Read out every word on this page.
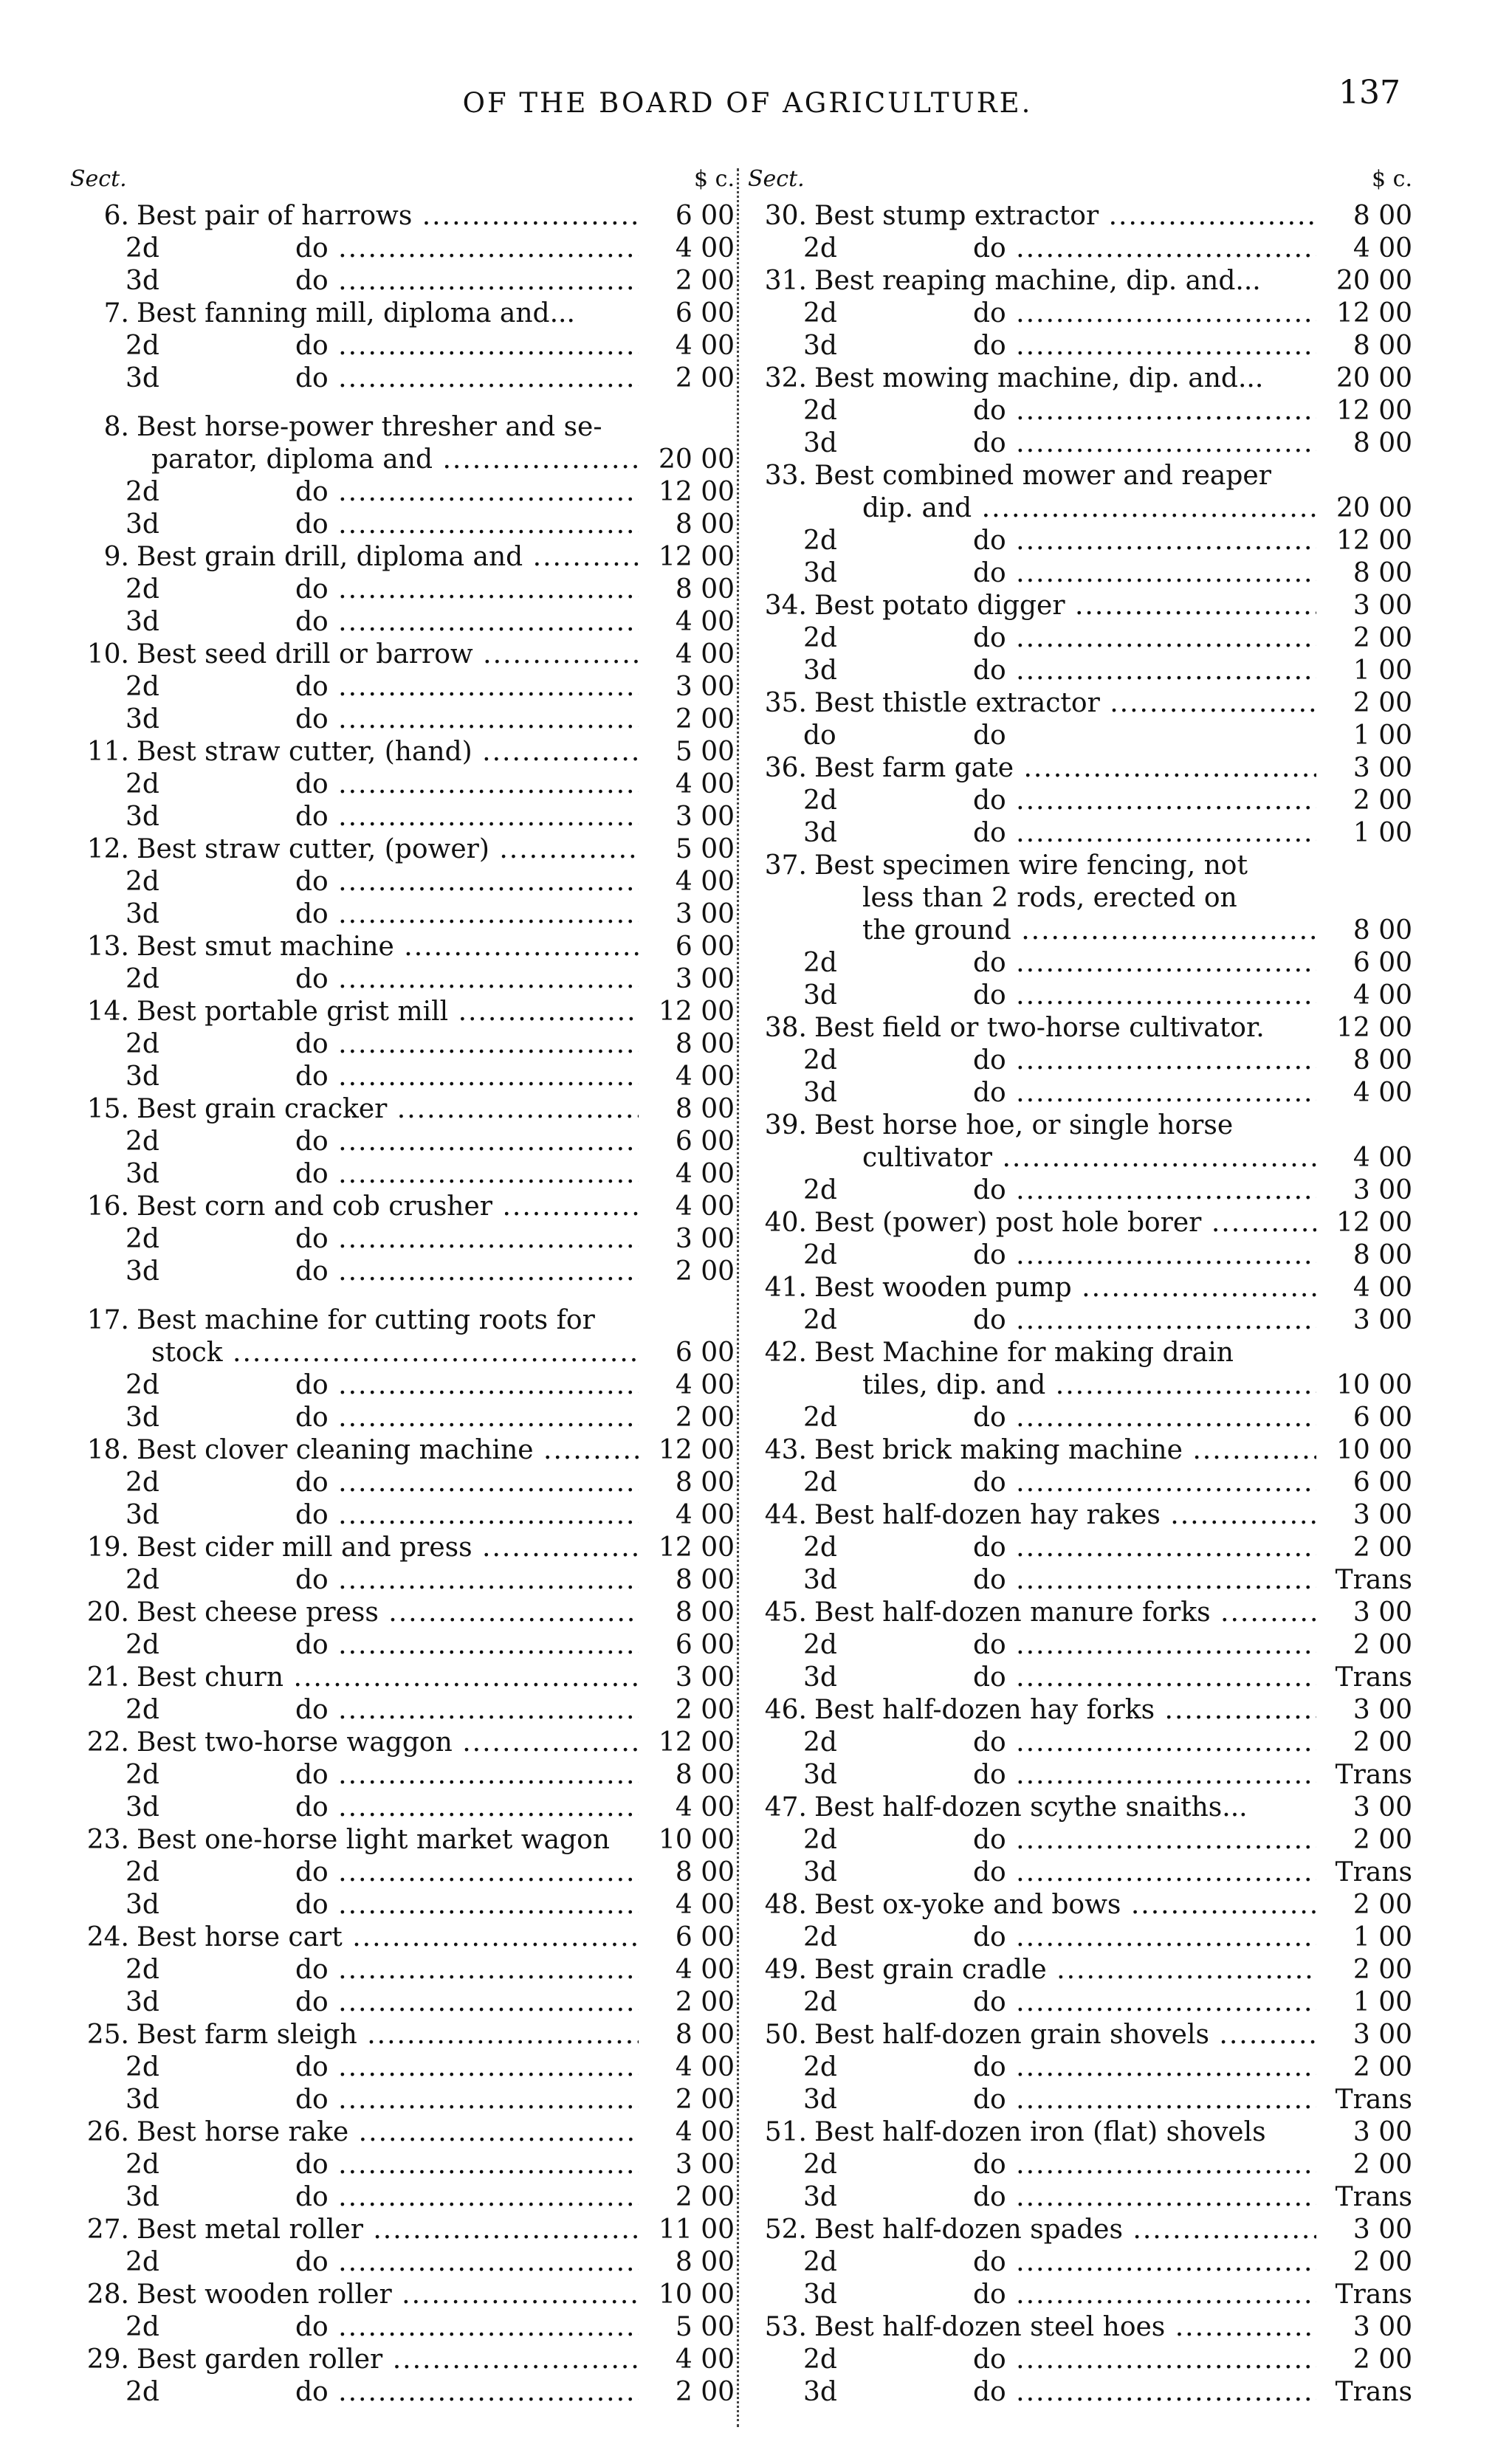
OF THE BOARD OF AGRICULTURE.	137
Sect.	$ c.
6. Best pair of harrows .....	6 00
2d	do .....	4 00
3d	do .....	2 00
7. Best fanning mill, diploma and...	6 00
2d	do .....	4 00
3d	do .....	2 00
8. Best horse-power thresher and se-
parator, diploma and .....	20 00
2d	do .....	12 00
3d	do .....	8 00
9. Best grain drill, diploma and .....	12 00
2d	do .....	8 00
3d	do .....	4 00
10. Best seed drill or barrow .....	4 00
2d	do .....	3 00
3d	do .....	2 00
11. Best straw cutter, (hand) .....	5 00
2d	do .....	4 00
3d	do .....	3 00
12. Best straw cutter, (power) .....	5 00
2d	do .....	4 00
3d	do .....	3 00
13. Best smut machine .....	6 00
2d	do .....	3 00
14. Best portable grist mill .....	12 00
2d	do .....	8 00
3d	do .....	4 00
15. Best grain cracker .....	8 00
2d	do .....	6 00
3d	do .....	4 00
16. Best corn and cob crusher .....	4 00
2d	do .....	3 00
3d	do .....	2 00
17. Best machine for cutting roots for
stock .....	6 00
2d	do .....	4 00
3d	do .....	2 00
18. Best clover cleaning machine .....	12 00
2d	do .....	8 00
3d	do .....	4 00
19. Best cider mill and press .....	12 00
2d	do .....	8 00
20. Best cheese press .....	8 00
2d	do .....	6 00
21. Best churn .....	3 00
2d	do .....	2 00
22. Best two-horse waggon .....	12 00
2d	do .....	8 00
3d	do .....	4 00
23. Best one-horse light market wagon	10 00
2d	do .....	8 00
3d	do .....	4 00
24. Best horse cart .....	6 00
2d	do .....	4 00
3d	do .....	2 00
25. Best farm sleigh .....	8 00
2d	do .....	4 00
3d	do .....	2 00
26. Best horse rake .....	4 00
2d	do .....	3 00
3d	do .....	2 00
27. Best metal roller .....	11 00
2d	do .....	8 00
28. Best wooden roller .....	10 00
2d	do .....	5 00
29. Best garden roller .....	4 00
2d	do .....	2 00
Sect.	$ c.
30. Best stump extractor .....	8 00
2d	do .....	4 00
31. Best reaping machine, dip. and...	20 00
2d	do .....	12 00
3d	do .....	8 00
32. Best mowing machine, dip. and...	20 00
2d	do .....	12 00
3d	do .....	8 00
33. Best combined mower and reaper
dip. and .....	20 00
2d	do .....	12 00
3d	do .....	8 00
34. Best potato digger .....	3 00
2d	do .....	2 00
3d	do .....	1 00
35. Best thistle extractor .....	2 00
do	do	1 00
36. Best farm gate .....	3 00
2d	do .....	2 00
3d	do .....	1 00
37. Best specimen wire fencing, not
less than 2 rods, erected on
the ground .....	8 00
2d	do .....	6 00
3d	do .....	4 00
38. Best field or two-horse cultivator.	12 00
2d	do .....	8 00
3d	do .....	4 00
39. Best horse hoe, or single horse
cultivator .....	4 00
2d	do .....	3 00
40. Best (power) post hole borer .....	12 00
2d	do .....	8 00
41. Best wooden pump .....	4 00
2d	do .....	3 00
42. Best Machine for making drain
tiles, dip. and .....	10 00
2d	do .....	6 00
43. Best brick making machine .....	10 00
2d	do .....	6 00
44. Best half-dozen hay rakes .....	3 00
2d	do .....	2 00
3d	do .....	Trans
45. Best half-dozen manure forks .....	3 00
2d	do .....	2 00
3d	do .....	Trans
46. Best half-dozen hay forks .....	3 00
2d	do .....	2 00
3d	do .....	Trans
47. Best half-dozen scythe snaiths...	3 00
2d	do .....	2 00
3d	do .....	Trans
48. Best ox-yoke and bows .....	2 00
2d	do .....	1 00
49. Best grain cradle .....	2 00
2d	do .....	1 00
50. Best half-dozen grain shovels .....	3 00
2d	do .....	2 00
3d	do .....	Trans
51. Best half-dozen iron (flat) shovels	3 00
2d	do .....	2 00
3d	do .....	Trans
52. Best half-dozen spades .....	3 00
2d	do .....	2 00
3d	do .....	Trans
53. Best half-dozen steel hoes .....	3 00
2d	do .....	2 00
3d	do .....	Trans
